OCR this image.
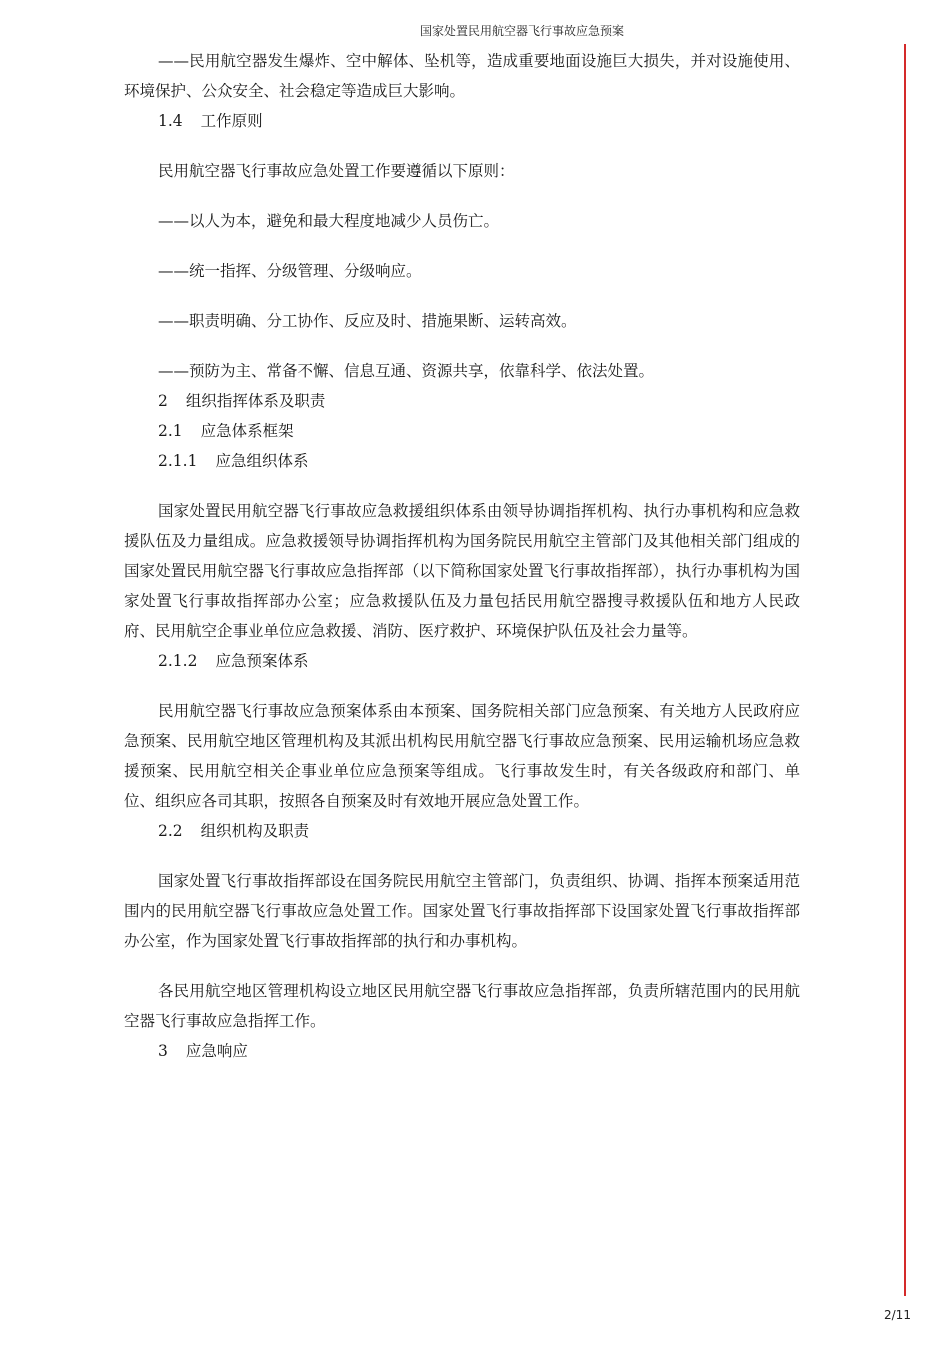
国家处置民用航空器飞行事故应急预案

——民用航空器发生爆炸、空中解体、坠机等，造成重要地面设施巨大损失，并对设施使用、环境保护、公众安全、社会稳定等造成巨大影响。

1.4 工作原则

民用航空器飞行事故应急处置工作要遵循以下原则：

——以人为本，避免和最大程度地减少人员伤亡。

——统一指挥、分级管理、分级响应。

——职责明确、分工协作、反应及时、措施果断、运转高效。

——预防为主、常备不懈、信息互通、资源共享，依靠科学、依法处置。

2 组织指挥体系及职责

2.1 应急体系框架

2.1.1 应急组织体系

国家处置民用航空器飞行事故应急救援组织体系由领导协调指挥机构、执行办事机构和应急救援队伍及力量组成。应急救援领导协调指挥机构为国务院民用航空主管部门及其他相关部门组成的国家处置民用航空器飞行事故应急指挥部（以下简称国家处置飞行事故指挥部），执行办事机构为国家处置飞行事故指挥部办公室；应急救援队伍及力量包括民用航空器搜寻救援队伍和地方人民政府、民用航空企事业单位应急救援、消防、医疗救护、环境保护队伍及社会力量等。

2.1.2 应急预案体系

民用航空器飞行事故应急预案体系由本预案、国务院相关部门应急预案、有关地方人民政府应急预案、民用航空地区管理机构及其派出机构民用航空器飞行事故应急预案、民用运输机场应急救援预案、民用航空相关企事业单位应急预案等组成。飞行事故发生时，有关各级政府和部门、单位、组织应各司其职，按照各自预案及时有效地开展应急处置工作。

2.2 组织机构及职责

国家处置飞行事故指挥部设在国务院民用航空主管部门，负责组织、协调、指挥本预案适用范围内的民用航空器飞行事故应急处置工作。国家处置飞行事故指挥部下设国家处置飞行事故指挥部办公室，作为国家处置飞行事故指挥部的执行和办事机构。

各民用航空地区管理机构设立地区民用航空器飞行事故应急指挥部，负责所辖范围内的民用航空器飞行事故应急指挥工作。

3 应急响应

2/11
